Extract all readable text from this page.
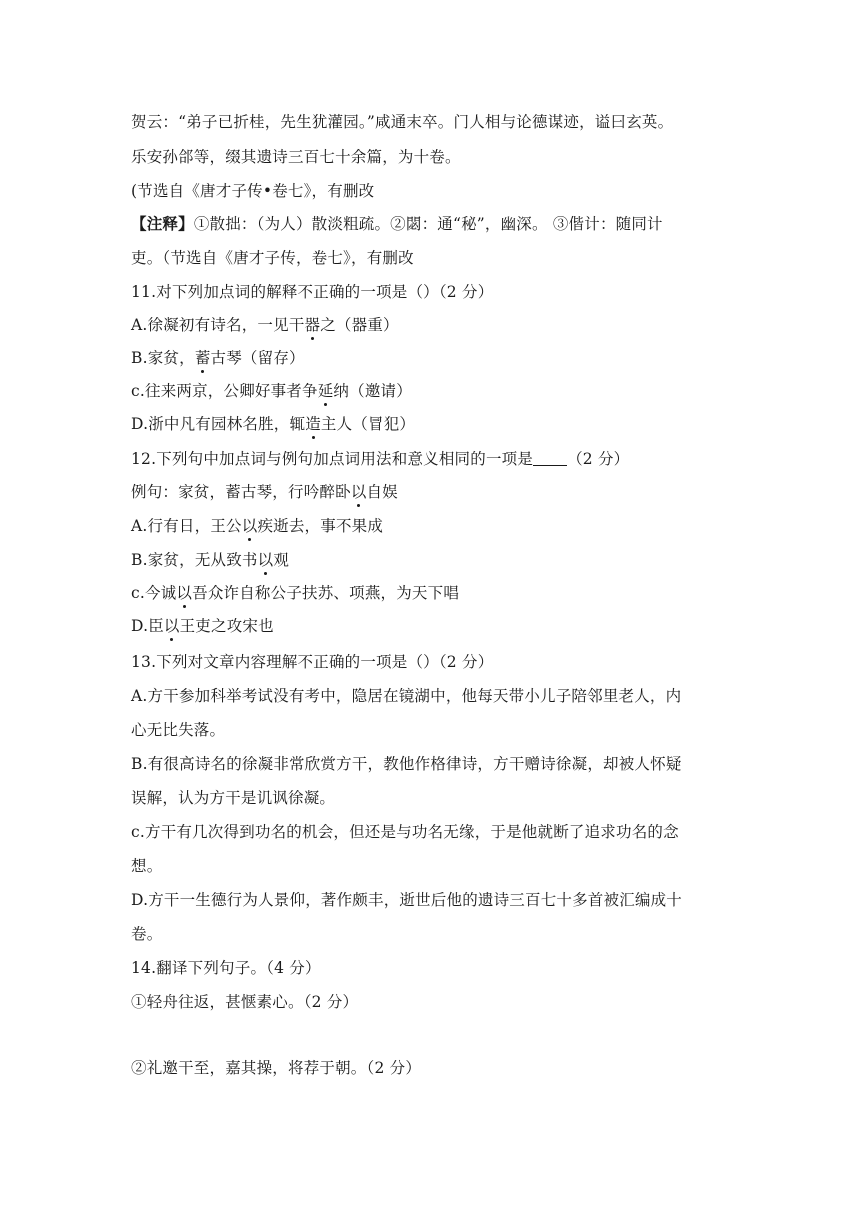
贺云：“弟子已折桂，先生犹灌园。”咸通末卒。门人相与论德谋迹，谥曰玄英。
乐安孙郃等，缀其遗诗三百七十余篇，为十卷。
(节选自《唐才子传•卷七》，有删改
【注释】①散拙：（为人）散淡粗疏。②閟：通“秘”，幽深。 ③偕计：随同计
吏。（节选自《唐才子传，卷七》，有删改
11.对下列加点词的解释不正确的一项是（）（2 分）
A.徐凝初有诗名，一见干器之（器重）
B.家贫，蓄古琴（留存）
c.往来两京，公卿好事者争延纳（邀请）
D.浙中凡有园林名胜，辄造主人（冒犯）
12.下列句中加点词与例句加点词用法和意义相同的一项是 （2 分）
例句：家贫，蓄古琴，行吟醉卧以自娱
A.行有日，王公以疾逝去，事不果成
B.家贫，无从致书以观
c.今诚以吾众诈自称公子扶苏、项燕，为天下唱
D.臣以王吏之攻宋也
13.下列对文章内容理解不正确的一项是（）（2 分）
A.方干参加科举考试没有考中，隐居在镜湖中，他每天带小儿子陪邻里老人，内
心无比失落。
B.有很高诗名的徐凝非常欣赏方干，教他作格律诗，方干赠诗徐凝，却被人怀疑
误解，认为方干是讥讽徐凝。
c.方干有几次得到功名的机会，但还是与功名无缘，于是他就断了追求功名的念
想。
D.方干一生德行为人景仰，著作颇丰，逝世后他的遗诗三百七十多首被汇编成十
卷。
14.翻译下列句子。（4 分）
①轻舟往返，甚惬素心。（2 分）
②礼邀干至，嘉其操，将荐于朝。（2 分）
